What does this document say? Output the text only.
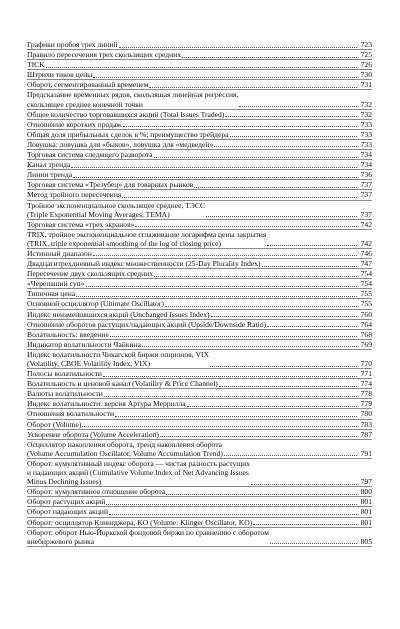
Графики пробоя трех линий	723
Правило пересечения трех скользящих средних	725
TICK	726
Штрихи тиков цены	730
Оборот, сегментированный временем	731
Предсказание временных рядов, скользящая линейная регрессия,
скользящее среднее конечной точки	732
Общее количество торговавшихся акций (Total Issues Traded)	732
Отношение коротких продаж	733
Общая доля прибыльных сделок в %; преимущество трейдера	733
Ловушка: ловушка для «быков», ловушка для «медведей»	733
Торговая система следящего разворота	734
Канал тренда	734
Линии тренда	736
Торговая система «Трезубец» для товарных рынков	737
Метод тройного пересечения	737
Тройное экспоненциальное скользящее среднее, ТЭСС
(Triple Exponential Moving Averages, TEMA)	737
Торговая система «трех экранов»	742
TRIX, тройное экспоненциальное сглаживание логарифма цены закрытия
(TRIX, triple exponential smoothing of the log of closing price)	742
Истинный диапазон	746
Двадцатитрехдневный индекс множественности (25-Day Plurality Index)	747
Пересечение двух скользящих средних	754
«Черепаший суп»	754
Типичная цена	755
Основной осциллятор (Ultimate Oscillator)	755
Индекс неизменившихся акций (Unchanged Issues Index)	760
Отношение оборотов растущих/падающих акций (Upside/Downside Ratio)	764
Волатильность: введение	768
Индикатор волатильности Чайкина	769
Индекс волатильности Чикагской биржи опционов, VIX
(Volatility, CBOE Volatility Index, VIX)	770
Полосы волатильности	771
Волатильность и ценовой канал (Volatility & Price Channel)	774
Валюты волатильности	778
Индекс волатильности: версия Артура Меррилла	779
Отношения волатильности	780
Оборот (Volume)	783
Ускорение оборота (Volume Acceleration)	787
Осциллятор накопления оборота, тренд накопления оборота
(Volume Accumulation Oscillator, Volume Accumulation Trend)	791
Оборот: кумулятивный индекс оборота — чистая разность растущих
и падающих акций (Cumulative Volume Index of Net Advancing Issues
Minus Declining Issues)	797
Оборот: кумулятивное отношение оборота	800
Оборот растущих акций	801
Оборот падающих акций	801
Оборот: осциллятор Клингджера, KO (Volume: Klinger Oscillator, KO)	801
Оборот: оборот Нью-Йоркской фондовой биржи по сравнению с оборотом
внебиржевого рынка	805
